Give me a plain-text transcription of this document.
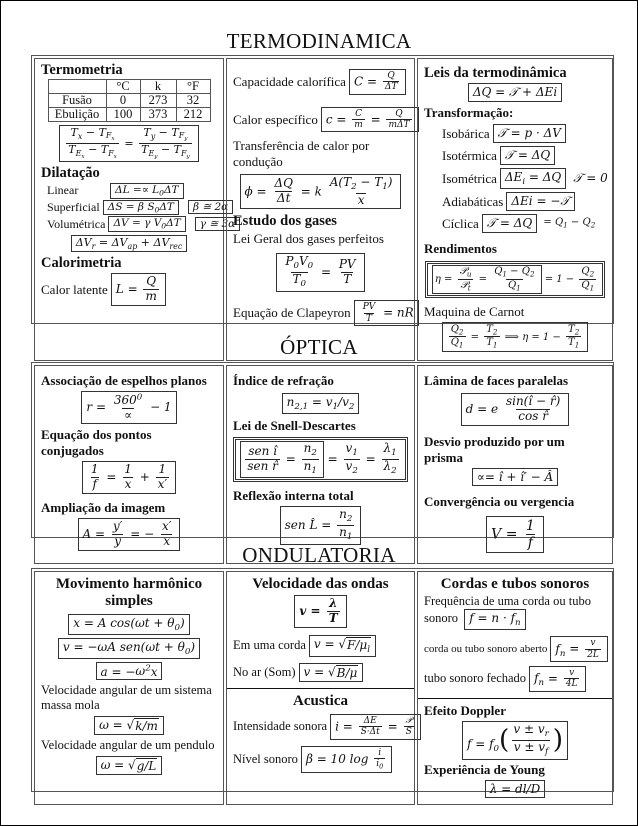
TERMODINAMICA
Termometria
	°C	k	°F
Fusão	0	273	32
Ebulição	100	373	212
$T_x - T_{F_x}$
$T_{E_x} - T_{F_x}$
=
$T_y - T_{F_y}$
$T_{E_y} - T_{F_y}$
Dilatação
Linear	$\Delta L =\propto L_0\Delta T$
Superficial ΔS = β $S_0\Delta T$ β ≅ 2α
Volumétrica ΔV = γ $V_0\Delta T$ γ ≅ 3α
$\Delta V_r = \Delta V_{ap} + \Delta V_{rec}$
Calorimetria
Calor latente $L = \frac{Q}{m}$
Capacidade calorífica $C = \frac{Q}{\Delta T}$
Calor específico $c = \frac{C}{m} = Q$
mΔT
Transferência de calor por condução
$\phi = \frac{\Delta Q}{\Delta t} = k \frac{A(T_2 - T_1)}{x}$
Estudo dos gases
Lei Geral dos gases perfeitos
$\frac{P_0V_0}{T_0} = \frac{PV}{T}$
Equação de Clapeyron $\frac{PV}{T}$ = nR
Leis da termodinâmica
ΔQ = 𝒯 + ΔEi
Transformação:
Isobárica 𝒯 = p · ΔV
Isotérmica 𝒯 = ΔQ
Isométrica $\Delta E_i = \Delta Q$ 𝒯 = 0
Adiabáticas ΔEi = −𝒯
Cíclica 𝒯 = $\Delta Q = Q_1 - Q_2$
Rendimentos
η =
𝒫$_u$
𝒫$_t$
= $\frac{Q_1 - Q_2}{Q_1} = 1 - \frac{Q_2}{Q_1}$
Maquina de Carnot
$\frac{Q_2}{Q_1} = \frac{T_2}{T_1}$ ⟹ $\eta = 1 - \frac{T_2}{T_1}$
ÓPTICA
Associação de espelhos planos
r =
$360^0$
∝
− 1
Equação dos pontos conjugados
$\frac{1}{f} = \frac{1}{x} + \frac{1}{x'}$
Ampliação da imagem
$A = \frac{y'}{y}$ = − $\frac{x'}{x}$
Índice de refração
$n_{2,1} = v_1/v_2$
Lei de Snell-Descartes
sen î
sen r̂ = $\frac{n_2}{n_1} = \frac{v_1}{v_2} = \frac{\lambda_1}{\lambda_2}$
Reflexão interna total
sen L̂ = $\frac{n_2}{n_1}$
Lâmina de faces paralelas
d = e $\frac{\sin(î - r̂)}{\text{cos r̂}}$
Desvio produzido por um prisma
∝= î + î′ − Â
Convergência ou vergencia
$V = \frac{1}{f}$
ONDULATORIA
Movimento harmônico simples
x = A $\cos(\omega t + \theta_0)$
v = −ωA $sen(\omega t + \theta_0)$
$a = -\omega^2x$
Velocidade angular de um sistema massa mola
ω = √ k/m
Velocidade angular de um pendulo
ω = √ g/L
Velocidade das ondas
$v = \frac{\lambda}{T}$
Em uma corda v = √ $F/\mu_l$
No ar (Som) v = √ B/μ
Acustica
Intensidade sonora $i = \frac{\Delta E}{S\cdot\Delta t}$ = 𝒫
S
Nível sonoro β = 10 $\log \frac{i}{i_0}$
Cordas e tubos sonoros
Frequência de uma corda ou tubo sonoro $f = n \cdot f_n$
corda ou tubo sonoro aberto $f_n = \frac{v}{2L}$
tubo sonoro fechado $f_n = \frac{v}{4L}$
Efeito Doppler
$f = f_0$ ( $\frac{v \pm v_r}{v \pm v_f}$ )
Experiência de Young
λ = dl/D
